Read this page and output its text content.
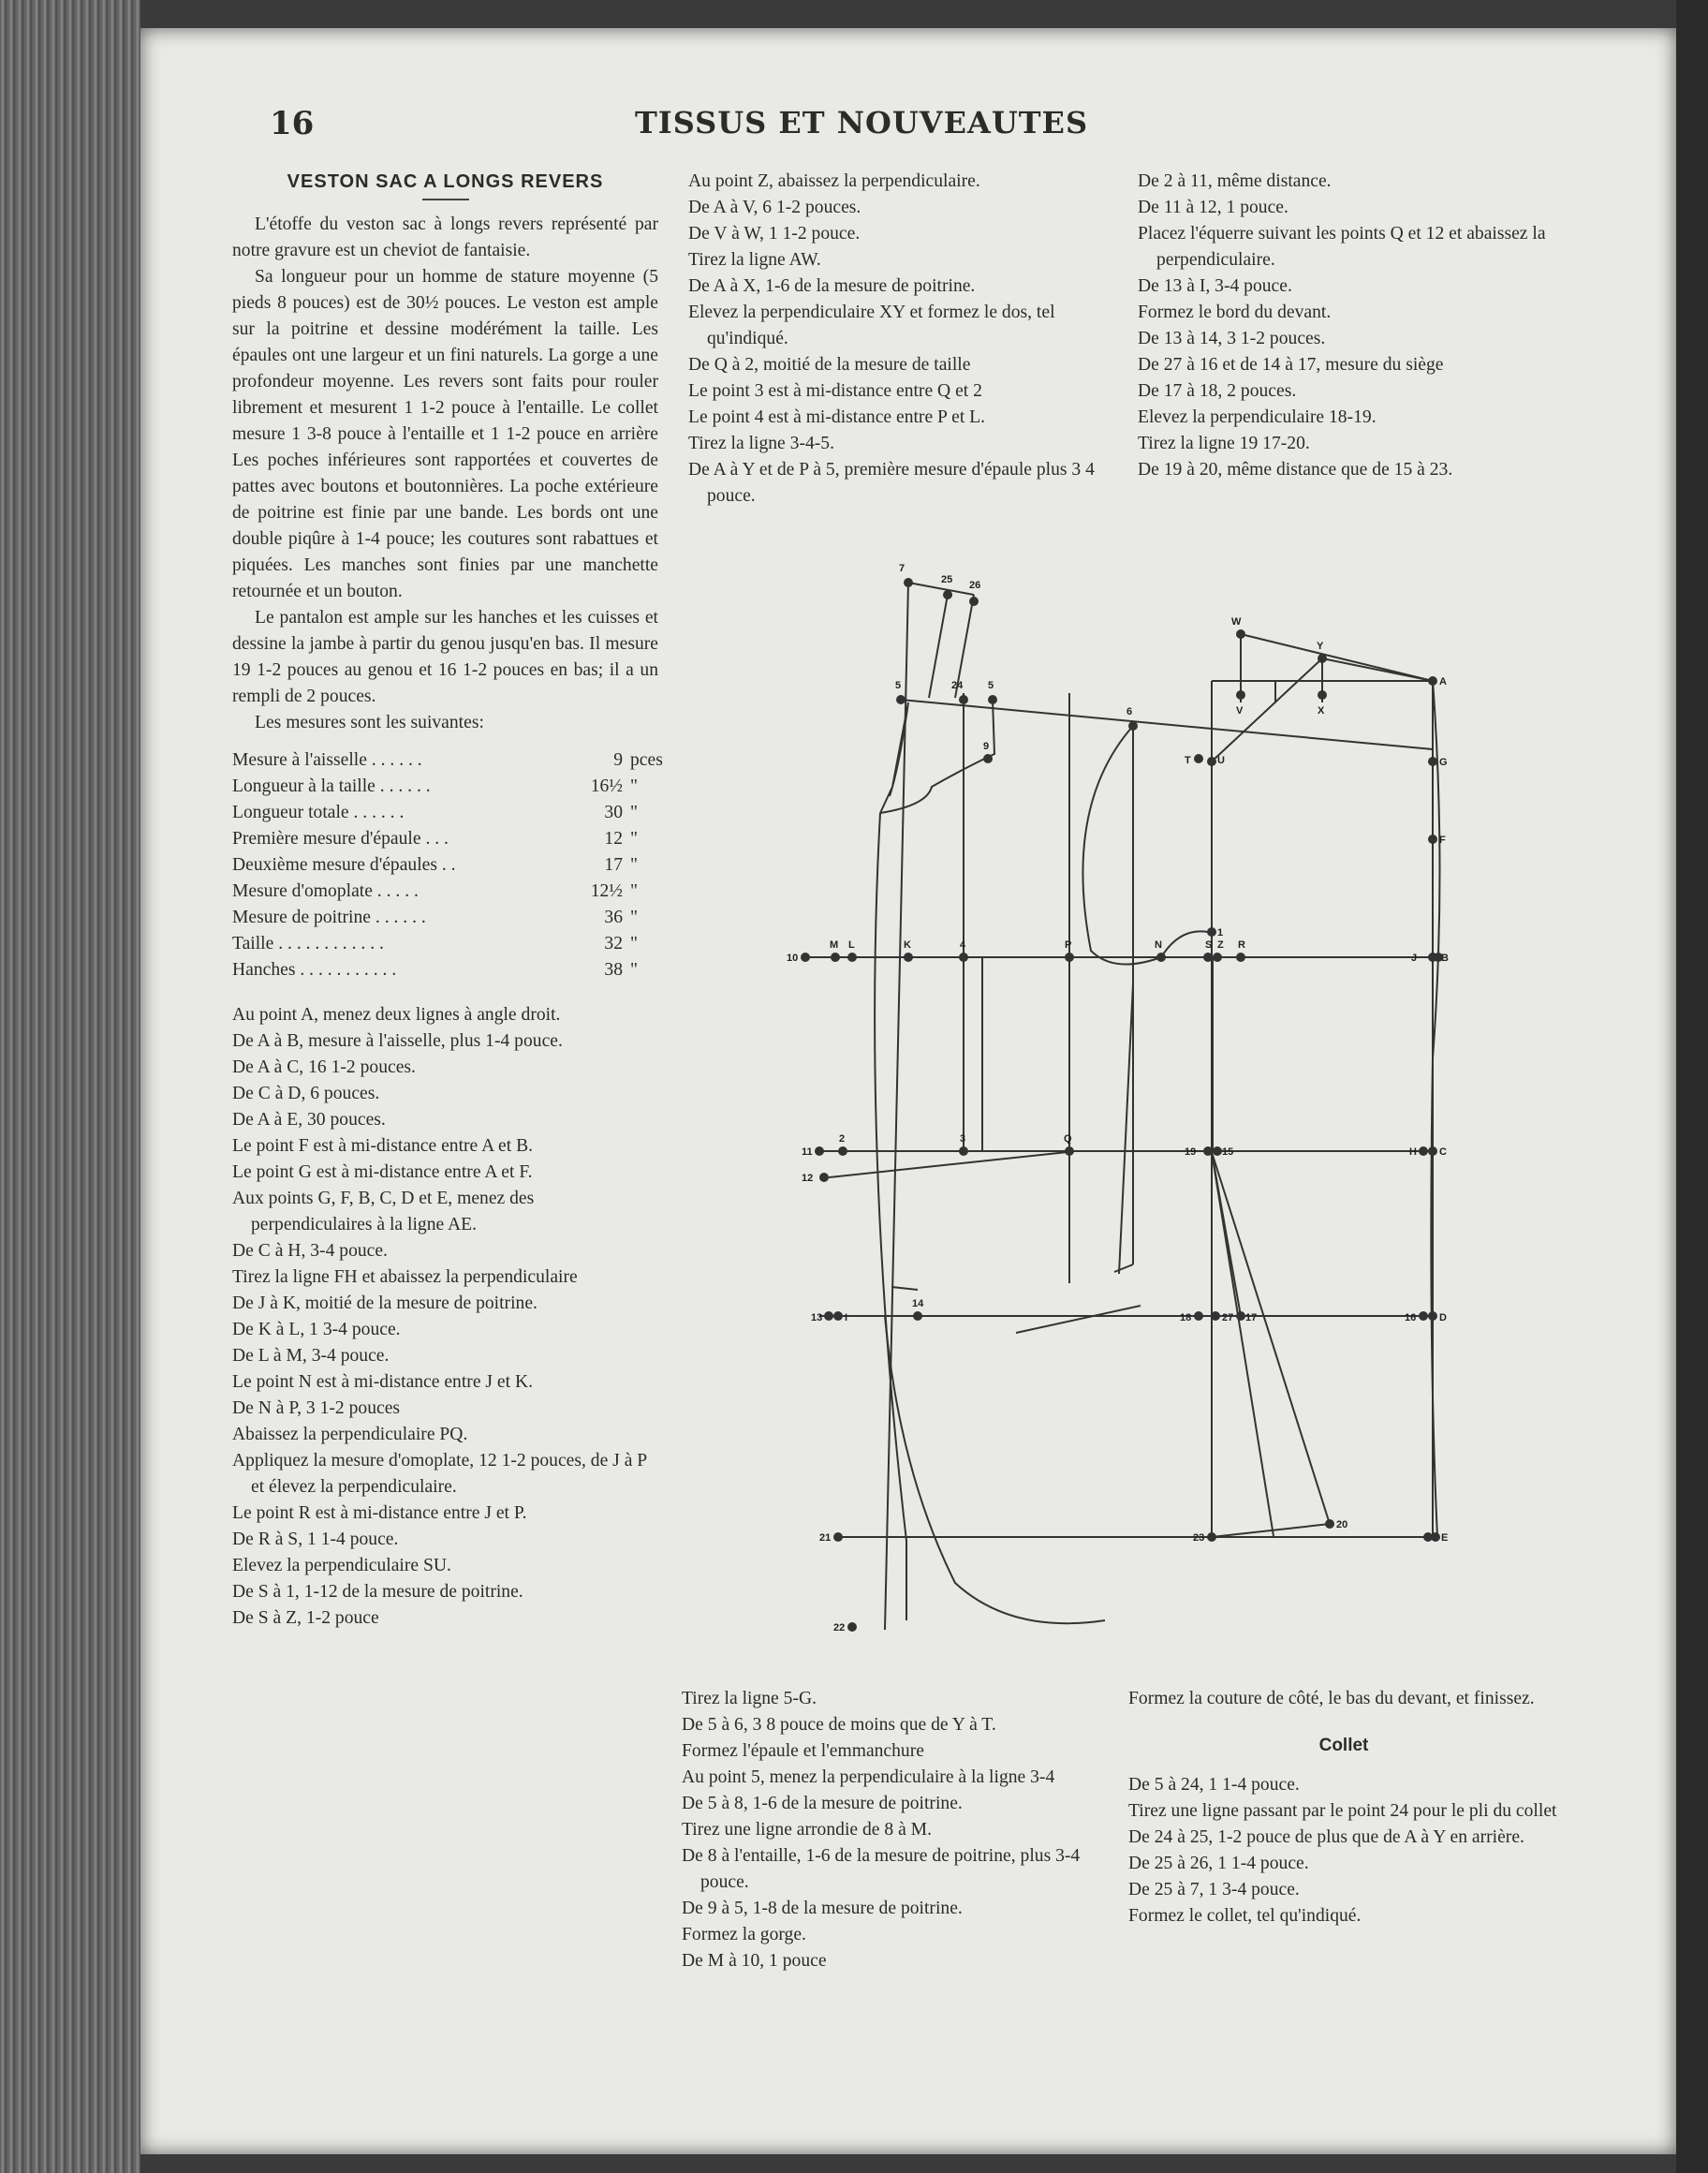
16	TISSUS ET NOUVEAUTES
VESTON SAC A LONGS REVERS

L'étoffe du veston sac à longs revers représenté par notre gravure est un cheviot de fantaisie.

Sa longueur pour un homme de stature moyenne (5 pieds 8 pouces) est de 30½ pouces. Le veston est ample sur la poitrine et dessine modérément la taille. Les épaules ont une largeur et un fini naturels. La gorge a une profondeur moyenne. Les revers sont faits pour rouler librement et mesurent 1 1-2 pouce à l'entaille. Le collet mesure 1 3-8 pouce à l'entaille et 1 1-2 pouce en arrière Les poches inférieures sont rapportées et couvertes de pattes avec boutons et boutonnières. La poche extérieure de poitrine est finie par une bande. Les bords ont une double piqûre à 1-4 pouce; les coutures sont rabattues et piquées. Les manches sont finies par une manchette retournée et un bouton.

Le pantalon est ample sur les hanches et les cuisses et dessine la jambe à partir du genou jusqu'en bas. Il mesure 19 1-2 pouces au genou et 16 1-2 pouces en bas; il a un rempli de 2 pouces.

Les mesures sont les suivantes:

Mesure à l'aisselle . . . . . .	9 pces
Longueur à la taille . . . . . .	16½ "
Longueur totale . . . . . .	30 "
Première mesure d'épaule . . .	12 "
Deuxième mesure d'épaules . .	17 "
Mesure d'omoplate . . . . .	12½ "
Mesure de poitrine . . . . . .	36 "
Taille . . . . . . . . . . . .	32 "
Hanches . . . . . . . . . . .	38 "

Au point A, menez deux lignes à angle droit.

De A à B, mesure à l'aisselle, plus 1-4 pouce.

De A à C, 16 1-2 pouces.

De C à D, 6 pouces.

De A à E, 30 pouces.

Le point F est à mi-distance entre A et B.

Le point G est à mi-distance entre A et F.

Aux points G, F, B, C, D et E, menez des perpendiculaires à la ligne AE.

De C à H, 3-4 pouce.

Tirez la ligne FH et abaissez la perpendiculaire

De J à K, moitié de la mesure de poitrine.

De K à L, 1 3-4 pouce.

De L à M, 3-4 pouce.

Le point N est à mi-distance entre J et K.

De N à P, 3 1-2 pouces

Abaissez la perpendiculaire PQ.

Appliquez la mesure d'omoplate, 12 1-2 pouces, de J à P et élevez la perpendiculaire.

Le point R est à mi-distance entre J et P.

De R à S, 1 1-4 pouce.

Elevez la perpendiculaire SU.

De S à 1, 1-12 de la mesure de poitrine.

De S à Z, 1-2 pouce

Au point Z, abaissez la perpendiculaire.

De A à V, 6 1-2 pouces.

De V à W, 1 1-2 pouce.

Tirez la ligne AW.

De A à X, 1-6 de la mesure de poitrine.

Elevez la perpendiculaire XY et formez le dos, tel qu'indiqué.

De Q à 2, moitié de la mesure de taille

Le point 3 est à mi-distance entre Q et 2

Le point 4 est à mi-distance entre P et L.

Tirez la ligne 3-4-5.

De A à Y et de P à 5, première mesure d'épaule plus 3 4 pouce.

De 2 à 11, même distance.

De 11 à 12, 1 pouce.

Placez l'équerre suivant les points Q et 12 et abaissez la perpendiculaire.

De 13 à I, 3-4 pouce.

Formez le bord du devant.

De 13 à 14, 3 1-2 pouces.

De 27 à 16 et de 14 à 17, mesure du siège

De 17 à 18, 2 pouces.

Elevez la perpendiculaire 18-19.

Tirez la ligne 19 17-20.

De 19 à 20, même distance que de 15 à 23.

7
25 26
W
Y
5	24 5
6	V	X
A
9
T	U	G
F
1
10
M L	K	4	P	N	S Z R
J B
11
2	3	Q
19	15	H C
12
13 I
14
18	27 17	16 D
20
21	23	E
22

Tirez la ligne 5-G.

De 5 à 6, 3 8 pouce de moins que de Y à T.

Formez l'épaule et l'emmanchure

Au point 5, menez la perpendiculaire à la ligne 3-4

De 5 à 8, 1-6 de la mesure de poitrine.

Tirez une ligne arrondie de 8 à M.

De 8 à l'entaille, 1-6 de la mesure de poitrine, plus 3-4 pouce.

De 9 à 5, 1-8 de la mesure de poitrine.

Formez la gorge.

De M à 10, 1 pouce

Formez la couture de côté, le bas du devant, et finissez.

Collet

De 5 à 24, 1 1-4 pouce.

Tirez une ligne passant par le point 24 pour le pli du collet

De 24 à 25, 1-2 pouce de plus que de A à Y en arrière.

De 25 à 26, 1 1-4 pouce.

De 25 à 7, 1 3-4 pouce.

Formez le collet, tel qu'indiqué.
